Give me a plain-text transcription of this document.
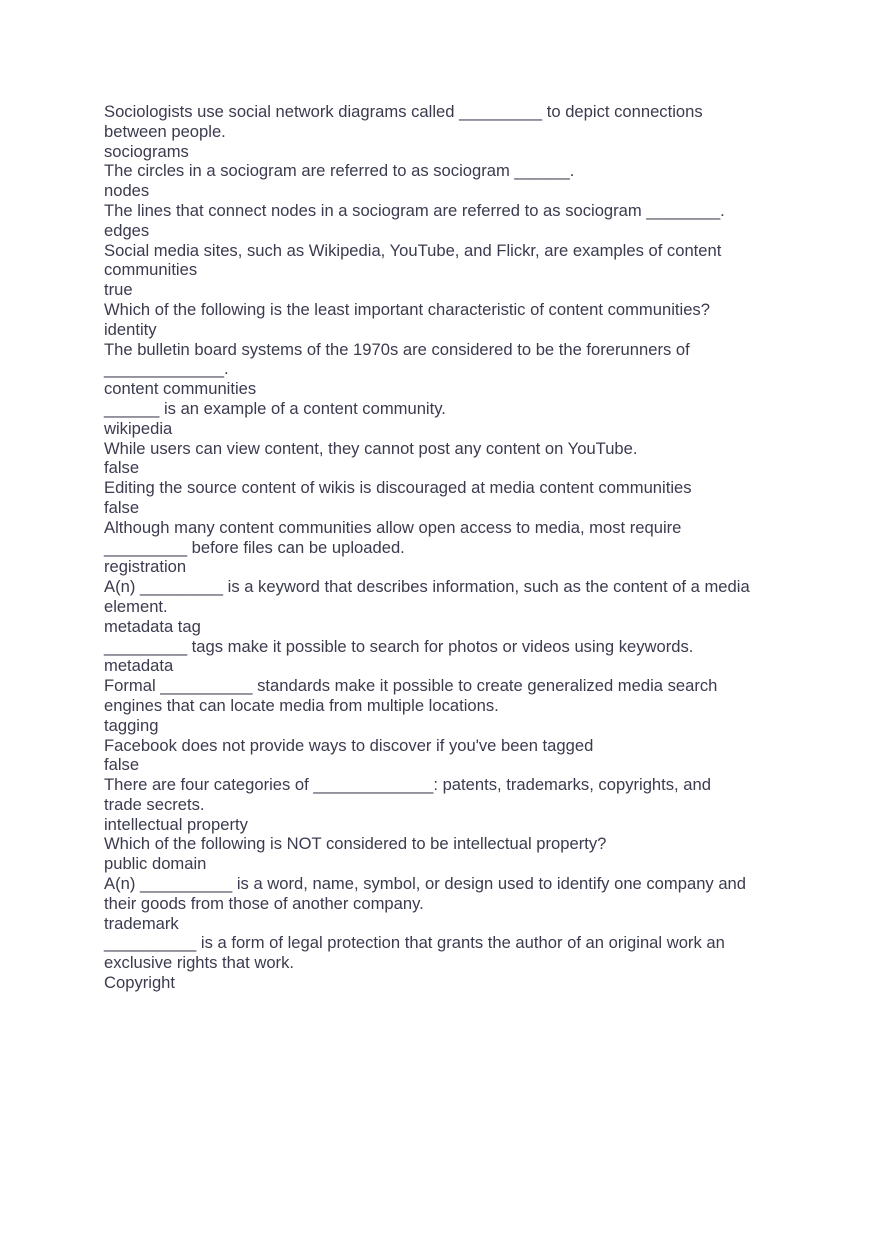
Sociologists use social network diagrams called _________ to depict connections
between people.

sociograms

The circles in a sociogram are referred to as sociogram ______.

nodes

The lines that connect nodes in a sociogram are referred to as sociogram ________.

edges

Social media sites, such as Wikipedia, YouTube, and Flickr, are examples of content
communities

true

Which of the following is the least important characteristic of content communities?

identity

The bulletin board systems of the 1970s are considered to be the forerunners of
_____________.

content communities

______ is an example of a content community.

wikipedia

While users can view content, they cannot post any content on YouTube.

false

Editing the source content of wikis is discouraged at media content communities

false

Although many content communities allow open access to media, most require
_________ before files can be uploaded.

registration

A(n) _________ is a keyword that describes information, such as the content of a media
element.

metadata tag

_________ tags make it possible to search for photos or videos using keywords.

metadata

Formal __________ standards make it possible to create generalized media search
engines that can locate media from multiple locations.

tagging

Facebook does not provide ways to discover if you've been tagged

false

There are four categories of _____________: patents, trademarks, copyrights, and
trade secrets.

intellectual property

Which of the following is NOT considered to be intellectual property?

public domain

A(n) __________ is a word, name, symbol, or design used to identify one company and
their goods from those of another company.

trademark

__________ is a form of legal protection that grants the author of an original work an
exclusive rights that work.

Copyright
